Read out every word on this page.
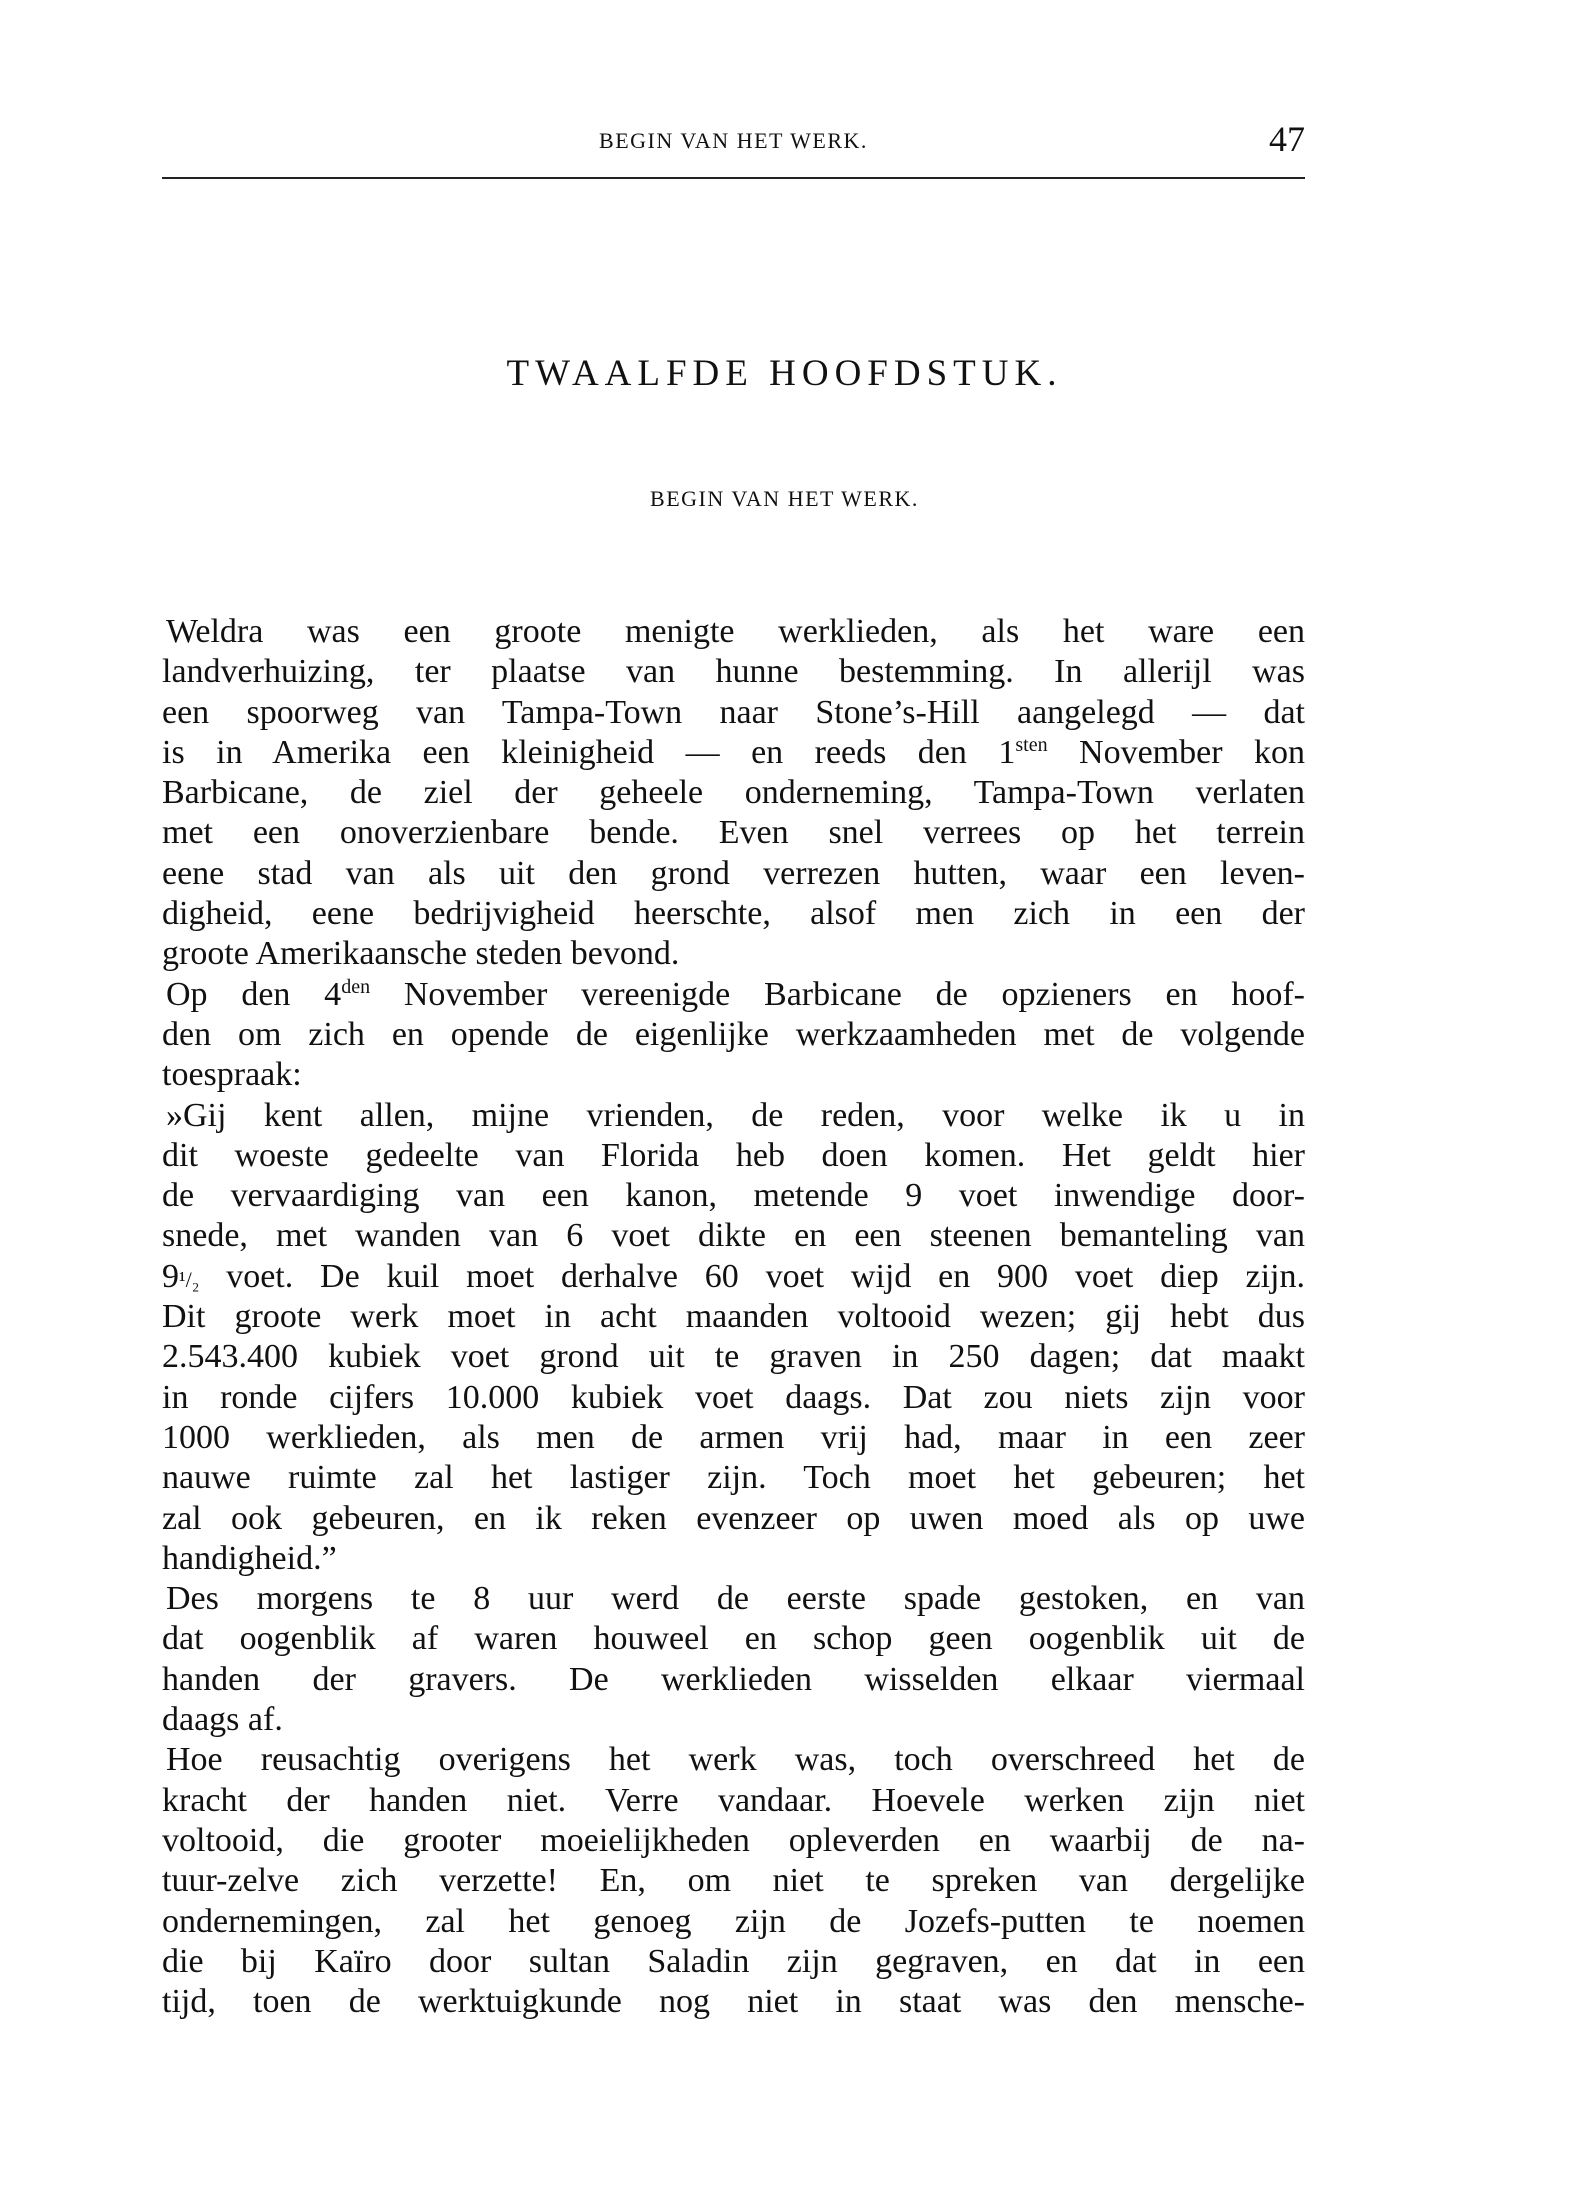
BEGIN VAN HET WERK.	47
TWAALFDE HOOFDSTUK.
BEGIN VAN HET WERK.
Weldra was een groote menigte werklieden, als het ware een
landverhuizing, ter plaatse van hunne bestemming. In allerijl was
een spoorweg van Tampa-Town naar Stone’s-Hill aangelegd — dat
is in Amerika een kleinigheid — en reeds den $1^{sten}$ November kon
Barbicane, de ziel der geheele onderneming, Tampa-Town verlaten
met een onoverzienbare bende. Even snel verrees op het terrein
eene stad van als uit den grond verrezen hutten, waar een leven-
digheid, eene bedrijvigheid heerschte, alsof men zich in een der
groote Amerikaansche steden bevond.
Op den $4^{den}$ November vereenigde Barbicane de opzieners en hoof-
den om zich en opende de eigenlijke werkzaamheden met de volgende
toespraak:
»Gij kent allen, mijne vrienden, de reden, voor welke ik u in
dit woeste gedeelte van Florida heb doen komen. Het geldt hier
de vervaardiging van een kanon, metende 9 voet inwendige door-
snede, met wanden van 6 voet dikte en een steenen bemanteling van
9¹/₂ voet. De kuil moet derhalve 60 voet wijd en 900 voet diep zijn.
Dit groote werk moet in acht maanden voltooid wezen; gij hebt dus
2.543.400 kubiek voet grond uit te graven in 250 dagen; dat maakt
in ronde cijfers 10.000 kubiek voet daags. Dat zou niets zijn voor
1000 werklieden, als men de armen vrij had, maar in een zeer
nauwe ruimte zal het lastiger zijn. Toch moet het gebeuren; het
zal ook gebeuren, en ik reken evenzeer op uwen moed als op uwe
handigheid.”
Des morgens te 8 uur werd de eerste spade gestoken, en van
dat oogenblik af waren houweel en schop geen oogenblik uit de
handen der gravers. De werklieden wisselden elkaar viermaal
daags af.
Hoe reusachtig overigens het werk was, toch overschreed het de
kracht der handen niet. Verre vandaar. Hoevele werken zijn niet
voltooid, die grooter moeielijkheden opleverden en waarbij de na-
tuur-zelve zich verzette! En, om niet te spreken van dergelijke
ondernemingen, zal het genoeg zijn de Jozefs-putten te noemen
die bij Kaïro door sultan Saladin zijn gegraven, en dat in een
tijd, toen de werktuigkunde nog niet in staat was den mensche-
